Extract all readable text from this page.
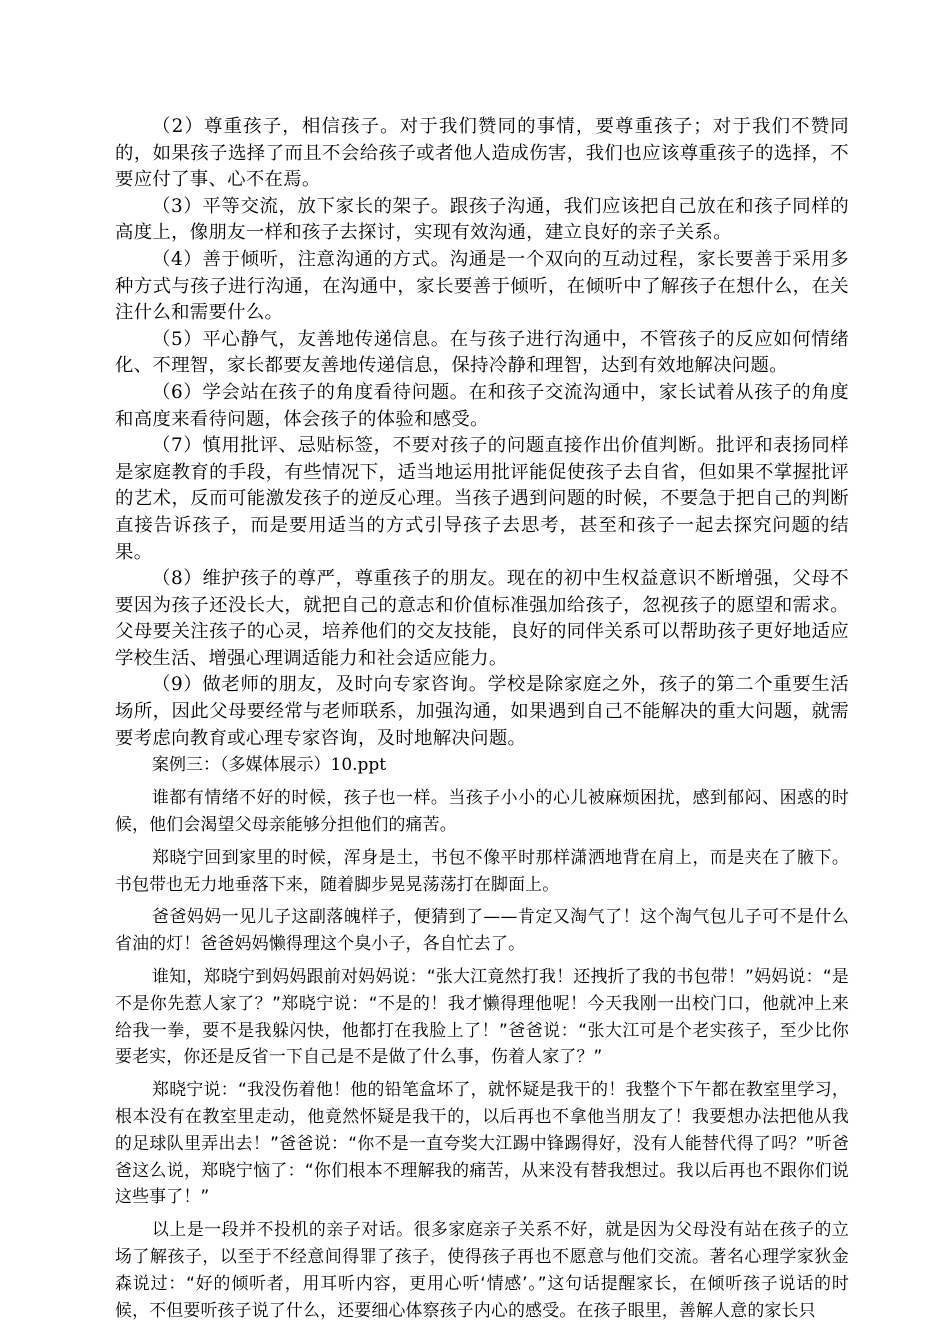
（2）尊重孩子，相信孩子。对于我们赞同的事情，要尊重孩子；对于我们不赞同的，如果孩子选择了而且不会给孩子或者他人造成伤害，我们也应该尊重孩子的选择，不要应付了事、心不在焉。

（3）平等交流，放下家长的架子。跟孩子沟通，我们应该把自己放在和孩子同样的高度上，像朋友一样和孩子去探讨，实现有效沟通，建立良好的亲子关系。

（4）善于倾听，注意沟通的方式。沟通是一个双向的互动过程，家长要善于采用多种方式与孩子进行沟通，在沟通中，家长要善于倾听，在倾听中了解孩子在想什么，在关注什么和需要什么。

（5）平心静气，友善地传递信息。在与孩子进行沟通中，不管孩子的反应如何情绪化、不理智，家长都要友善地传递信息，保持冷静和理智，达到有效地解决问题。

（6）学会站在孩子的角度看待问题。在和孩子交流沟通中，家长试着从孩子的角度和高度来看待问题，体会孩子的体验和感受。

（7）慎用批评、忌贴标签，不要对孩子的问题直接作出价值判断。批评和表扬同样是家庭教育的手段，有些情况下，适当地运用批评能促使孩子去自省，但如果不掌握批评的艺术，反而可能激发孩子的逆反心理。当孩子遇到问题的时候，不要急于把自己的判断直接告诉孩子，而是要用适当的方式引导孩子去思考，甚至和孩子一起去探究问题的结果。

（8）维护孩子的尊严，尊重孩子的朋友。现在的初中生权益意识不断增强，父母不要因为孩子还没长大，就把自己的意志和价值标准强加给孩子，忽视孩子的愿望和需求。父母要关注孩子的心灵，培养他们的交友技能，良好的同伴关系可以帮助孩子更好地适应学校生活、增强心理调适能力和社会适应能力。

（9）做老师的朋友，及时向专家咨询。学校是除家庭之外，孩子的第二个重要生活场所，因此父母要经常与老师联系，加强沟通，如果遇到自己不能解决的重大问题，就需要考虑向教育或心理专家咨询，及时地解决问题。

案例三：（多媒体展示）10.ppt

谁都有情绪不好的时候，孩子也一样。当孩子小小的心儿被麻烦困扰，感到郁闷、困惑的时候，他们会渴望父母亲能够分担他们的痛苦。

郑晓宁回到家里的时候，浑身是土，书包不像平时那样潇洒地背在肩上，而是夹在了腋下。书包带也无力地垂落下来，随着脚步晃晃荡荡打在脚面上。

爸爸妈妈一见儿子这副落魄样子，便猜到了——肯定又淘气了！这个淘气包儿子可不是什么省油的灯！爸爸妈妈懒得理这个臭小子，各自忙去了。

谁知，郑晓宁到妈妈跟前对妈妈说：“张大江竟然打我！还拽折了我的书包带！”妈妈说：“是不是你先惹人家了？”郑晓宁说：“不是的！我才懒得理他呢！今天我刚一出校门口，他就冲上来给我一拳，要不是我躲闪快，他都打在我脸上了！”爸爸说：“张大江可是个老实孩子，至少比你要老实，你还是反省一下自己是不是做了什么事，伤着人家了？”

郑晓宁说：“我没伤着他！他的铅笔盒坏了，就怀疑是我干的！我整个下午都在教室里学习，根本没有在教室里走动，他竟然怀疑是我干的，以后再也不拿他当朋友了！我要想办法把他从我的足球队里弄出去！”爸爸说：“你不是一直夸奖大江踢中锋踢得好，没有人能替代得了吗？”听爸爸这么说，郑晓宁恼了：“你们根本不理解我的痛苦，从来没有替我想过。我以后再也不跟你们说这些事了！”

以上是一段并不投机的亲子对话。很多家庭亲子关系不好，就是因为父母没有站在孩子的立场了解孩子，以至于不经意间得罪了孩子，使得孩子再也不愿意与他们交流。著名心理学家狄金森说过：“好的倾听者，用耳听内容，更用心听‘情感’。”这句话提醒家长，在倾听孩子说话的时候，不但要听孩子说了什么，还要细心体察孩子内心的感受。在孩子眼里，善解人意的家长只
